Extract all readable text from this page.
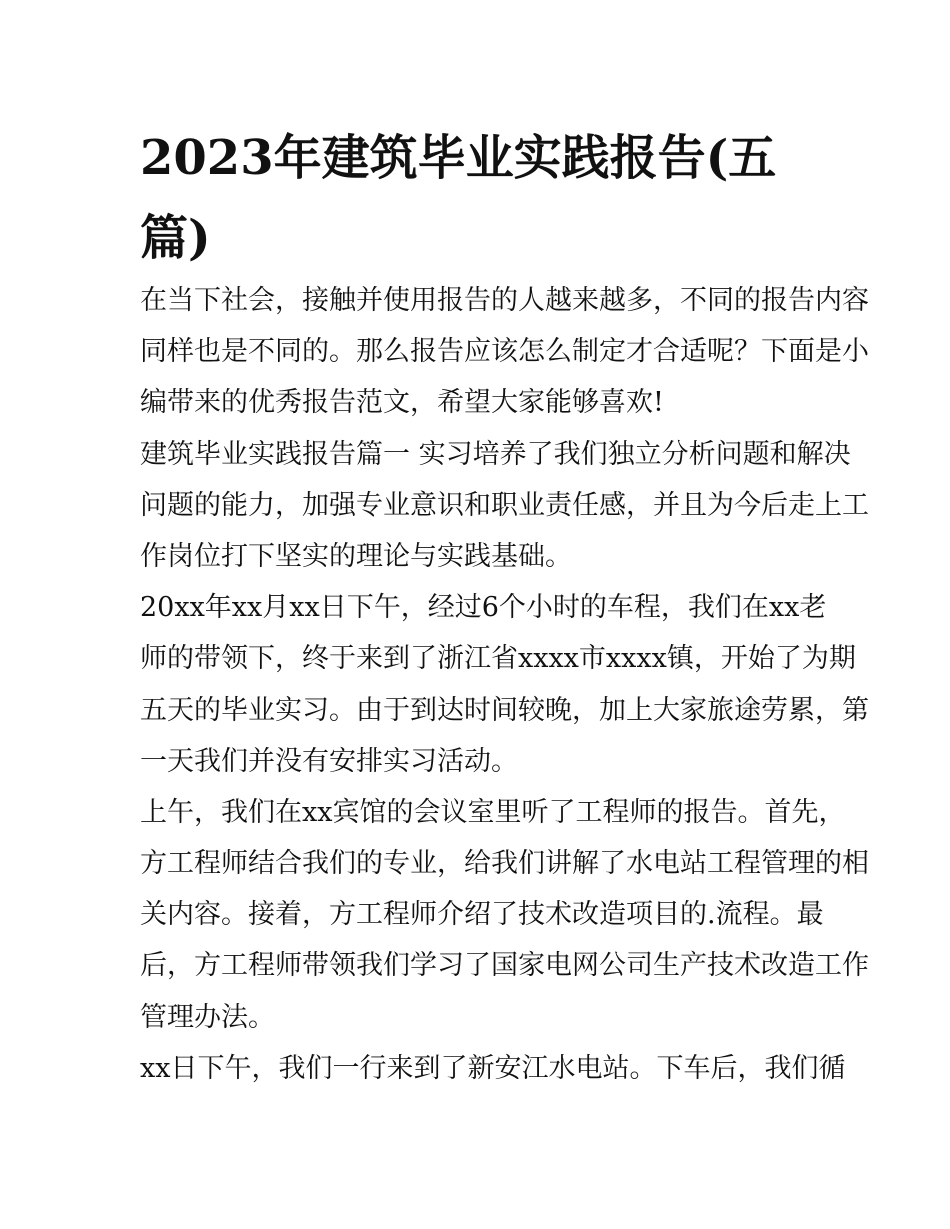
2023年建筑毕业实践报告(五
篇)
在当下社会，接触并使用报告的人越来越多，不同的报告内容
同样也是不同的。那么报告应该怎么制定才合适呢？下面是小
编带来的优秀报告范文，希望大家能够喜欢!
建筑毕业实践报告篇一 实习培养了我们独立分析问题和解决
问题的能力，加强专业意识和职业责任感，并且为今后走上工
作岗位打下坚实的理论与实践基础。
20xx年xx月xx日下午，经过6个小时的车程，我们在xx老
师的带领下，终于来到了浙江省xxxx市xxxx镇，开始了为期
五天的毕业实习。由于到达时间较晚，加上大家旅途劳累，第
一天我们并没有安排实习活动。
上午，我们在xx宾馆的会议室里听了工程师的报告。首先，
方工程师结合我们的专业，给我们讲解了水电站工程管理的相
关内容。接着，方工程师介绍了技术改造项目的.流程。最
后，方工程师带领我们学习了国家电网公司生产技术改造工作
管理办法。
xx日下午，我们一行来到了新安江水电站。下车后，我们循
